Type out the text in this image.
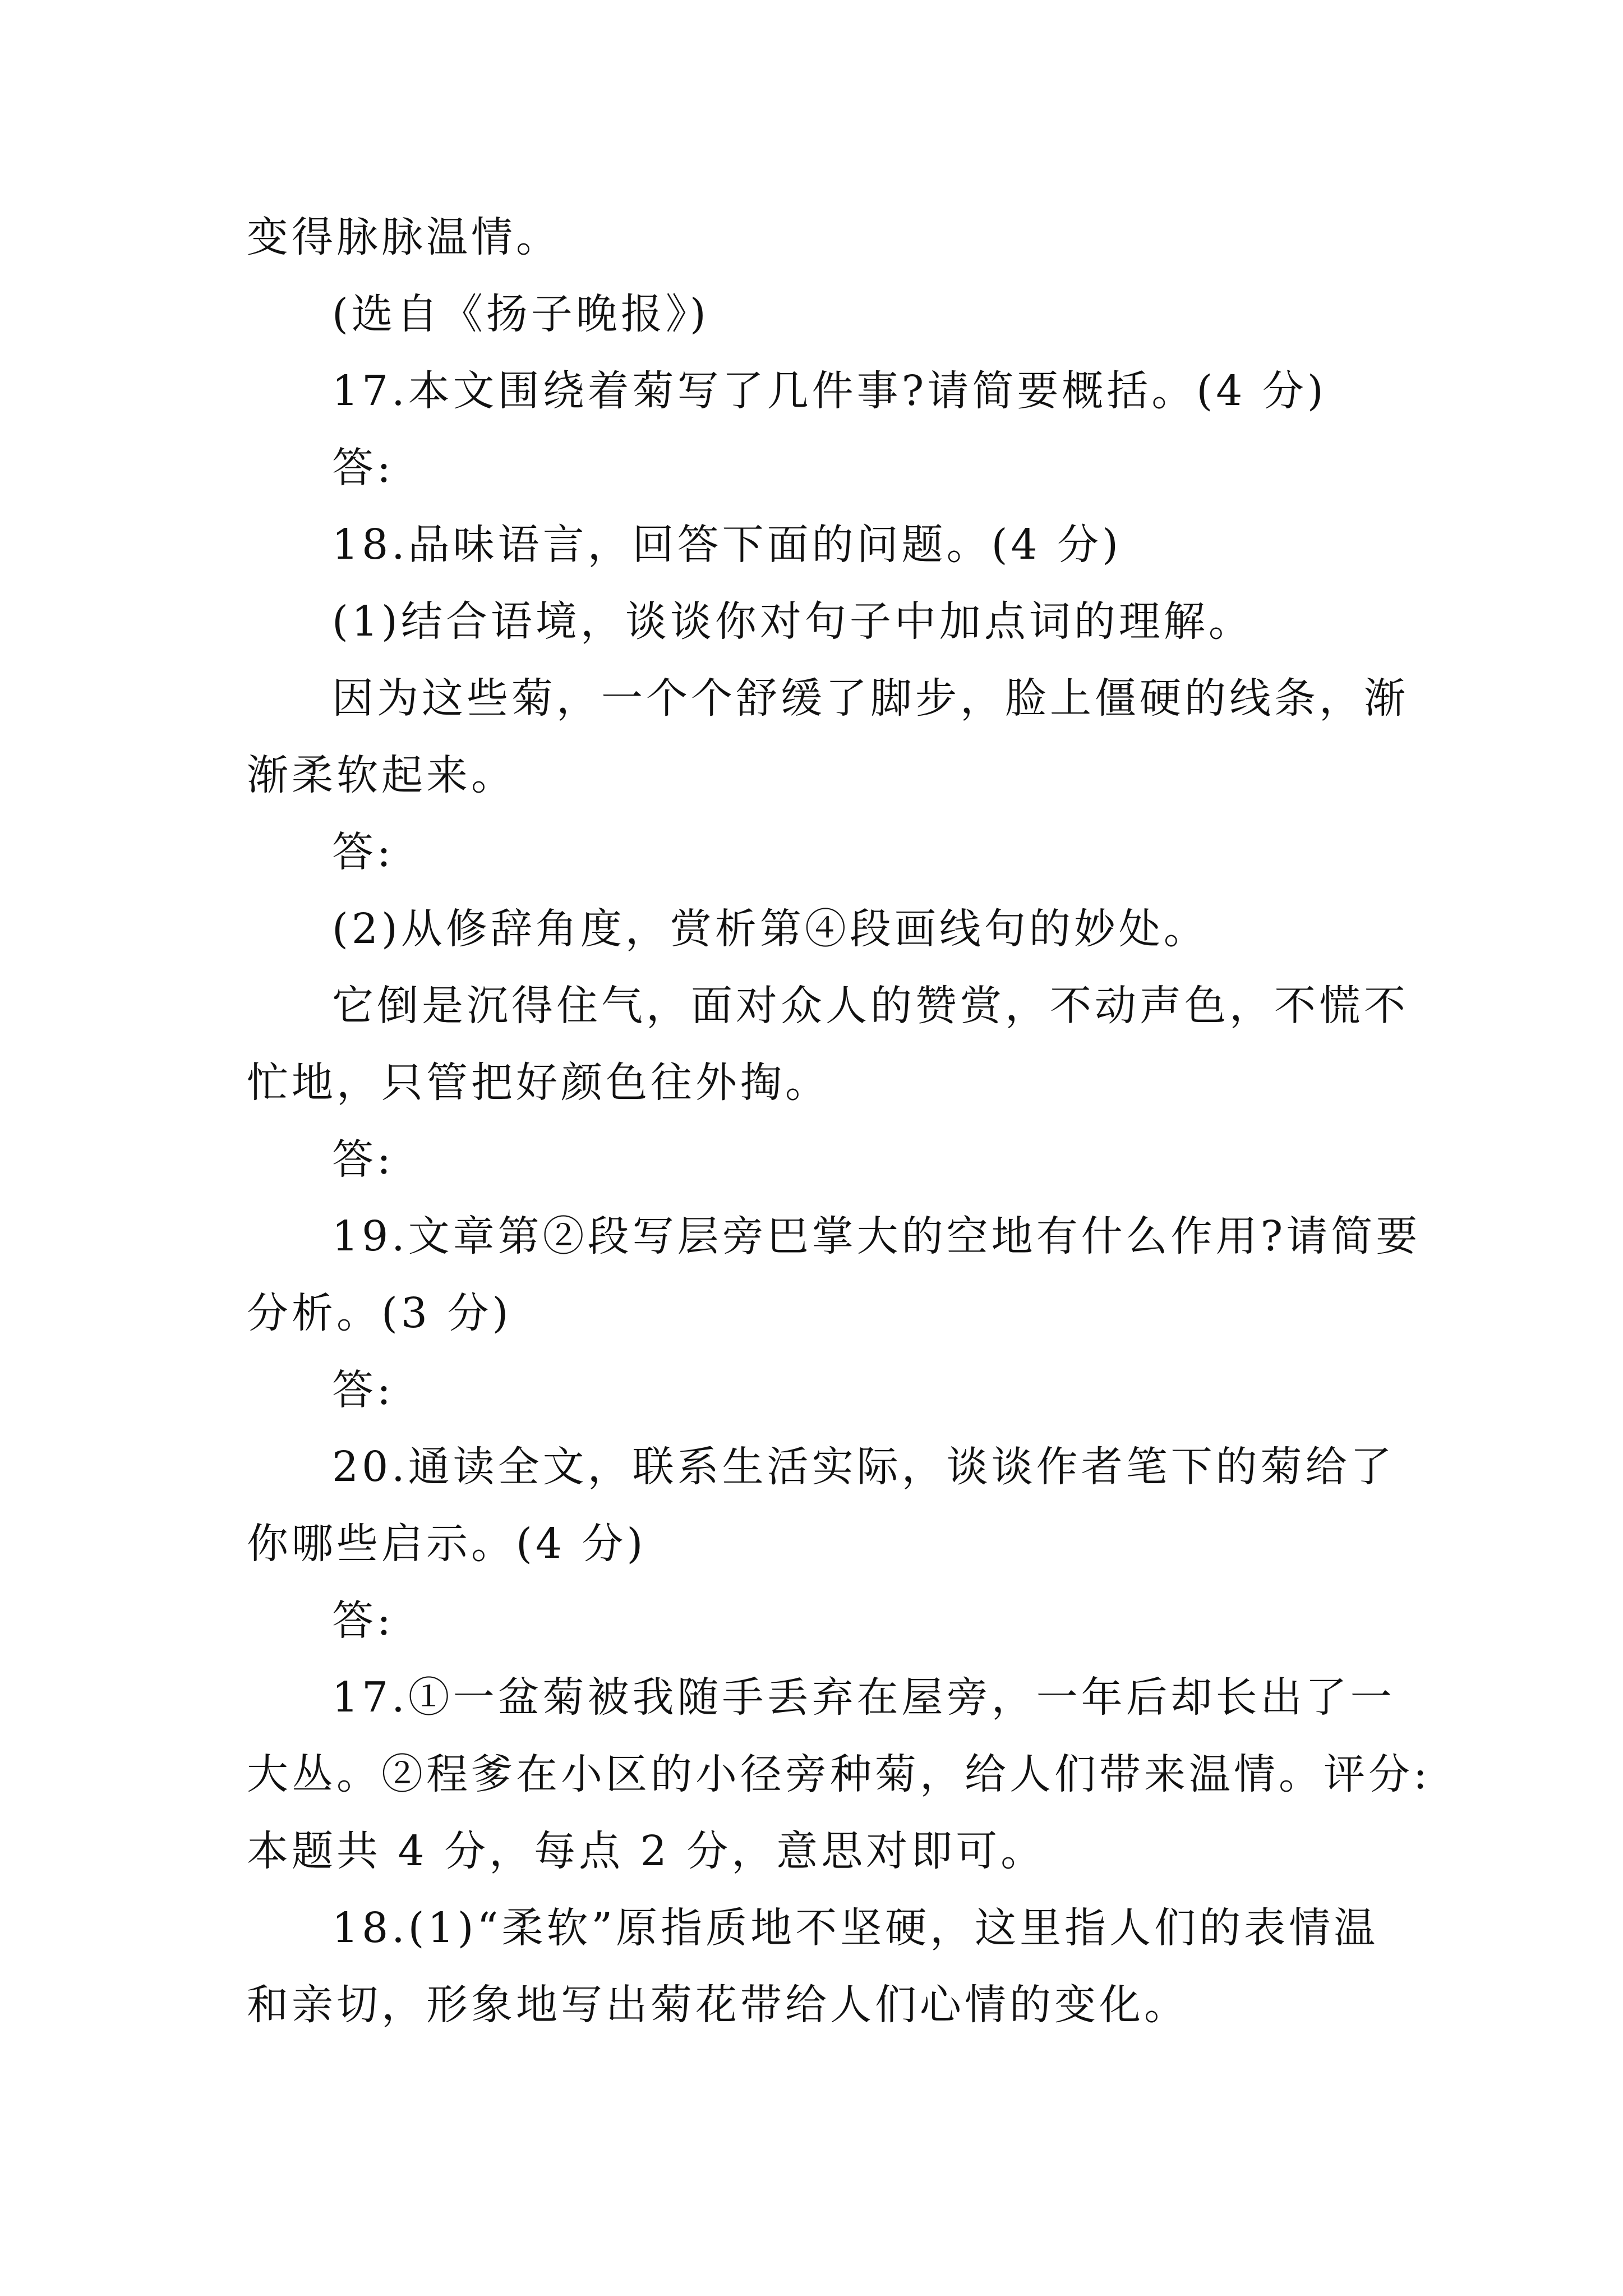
变得脉脉温情。
(选自《扬子晚报》)
17.本文围绕着菊写了几件事?请简要概括。(4 分)
答:
18.品味语言，回答下面的问题。(4 分)
(1)结合语境，谈谈你对句子中加点词的理解。
因为这些菊，一个个舒缓了脚步，脸上僵硬的线条，渐
渐柔软起来。
答:
(2)从修辞角度，赏析第④段画线句的妙处。
它倒是沉得住气，面对众人的赞赏，不动声色，不慌不
忙地，只管把好颜色往外掏。
答:
19.文章第②段写层旁巴掌大的空地有什么作用?请简要
分析。(3 分)
答:
20.通读全文，联系生活实际，谈谈作者笔下的菊给了
你哪些启示。(4 分)
答:
17.①一盆菊被我随手丢弃在屋旁，一年后却长出了一
大丛。②程爹在小区的小径旁种菊，给人们带来温情。评分:
本题共 4 分，每点 2 分，意思对即可。
18.(1)“柔软”原指质地不坚硬，这里指人们的表情温
和亲切，形象地写出菊花带给人们心情的变化。
